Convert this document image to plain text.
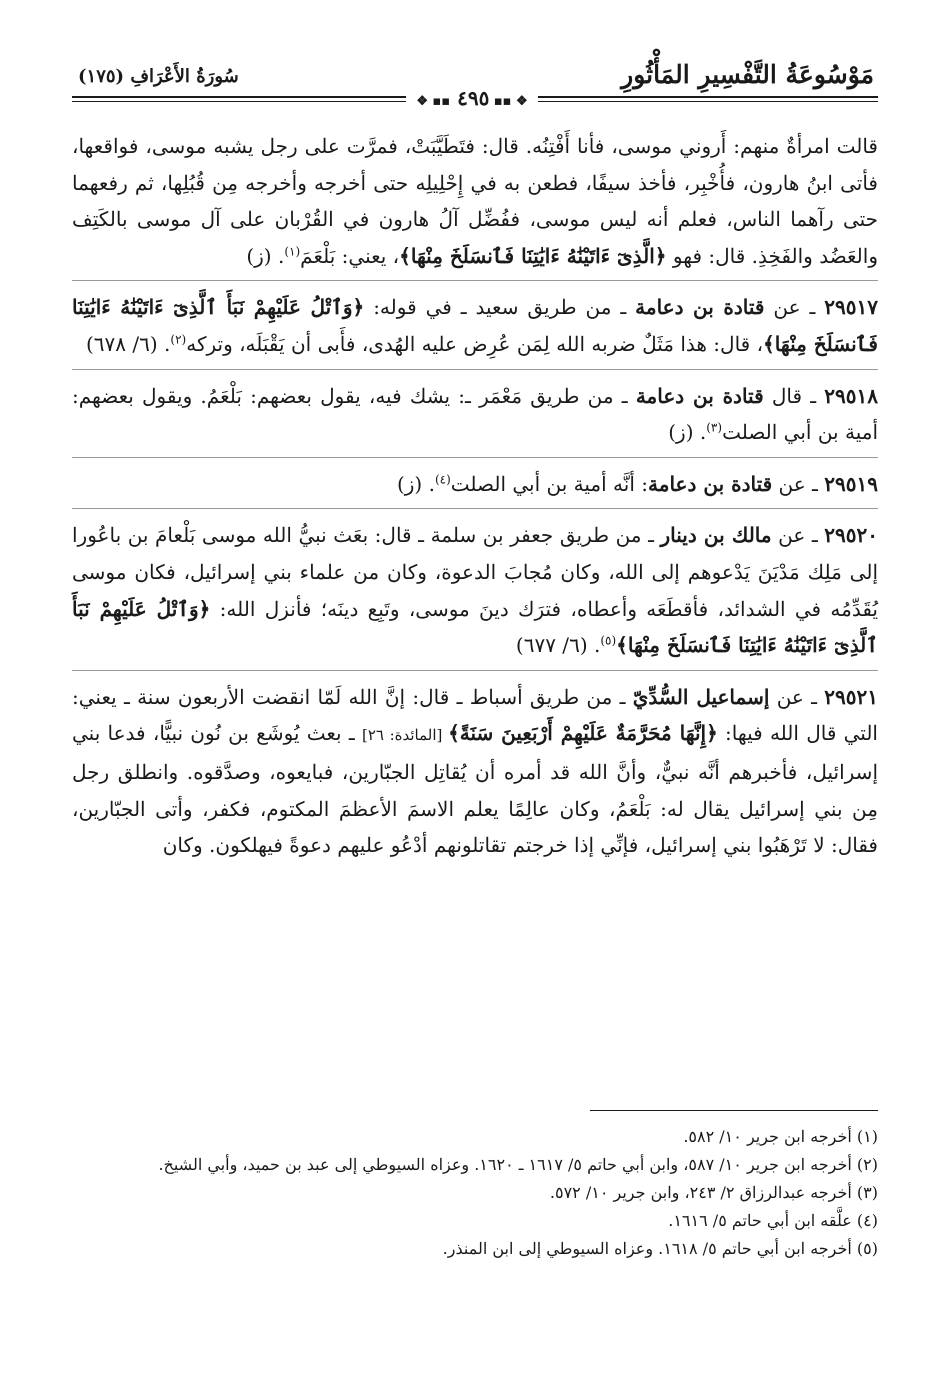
مَوْسُوعَةُ التَّفْسِيرِ المَأْثُورِ
سُورَةُ الأَعْرَافِ (١٧٥)
❖ ▪▪ ٤٩٥ ▪▪ ❖
قالت امرأةٌ منهم: أَروني موسى، فأنا أَفْتِنُه. قال: فتَطَيَّبَتْ، فمرَّت على رجل يشبه موسى، فواقعها، فأتى ابنُ هارون، فأُخْبِر، فأخذ سيفًا، فطعن به في إِحْلِيلِه حتى أخرجه وأخرجه مِن قُبُلِها، ثم رفعهما حتى رآهما الناس، فعلم أنه ليس موسى، ففُضِّل آلُ هارون في القُرْبان على آل موسى بالكَتِف والعَضُد والفَخِذِ. قال: فهو ﴿الَّذِىٓ ءَاتَيْنَٰهُ ءَايَٰتِنَا فَٱنسَلَخَ مِنْهَا﴾، يعني: بَلْعَمَ$^{(١)}$. (ز)
٢٩٥١٧ ـ عن قتادة بن دعامة ـ من طريق سعيد ـ في قوله: ﴿وَٱتْلُ عَلَيْهِمْ نَبَأَ ٱلَّذِىٓ ءَاتَيْنَٰهُ ءَايَٰتِنَا فَٱنسَلَخَ مِنْهَا﴾، قال: هذا مَثَلٌ ضربه الله لِمَن عُرِض عليه الهُدى، فأَبى أن يَقْبَلَه، وتركه$^{(٢)}$. (٦/ ٦٧٨)
٢٩٥١٨ ـ قال قتادة بن دعامة ـ من طريق مَعْمَر ـ: يشك فيه، يقول بعضهم: بَلْعَمُ. ويقول بعضهم: أمية بن أبي الصلت$^{(٣)}$. (ز)
٢٩٥١٩ ـ عن قتادة بن دعامة: أنَّه أمية بن أبي الصلت$^{(٤)}$. (ز)
٢٩٥٢٠ ـ عن مالك بن دينار ـ من طريق جعفر بن سلمة ـ قال: بعَث نبيُّ الله موسى بَلْعامَ بن باعُورا إلى مَلِك مَدْيَنَ يَدْعوهم إلى الله، وكان مُجابَ الدعوة، وكان من علماء بني إسرائيل، فكان موسى يُقَدِّمُه في الشدائد، فأقطَعَه وأعطاه، فترَك دينَ موسى، وتَبِع دينَه؛ فأنزل الله: ﴿وَٱتْلُ عَلَيْهِمْ نَبَأَ ٱلَّذِىٓ ءَاتَيْنَٰهُ ءَايَٰتِنَا فَٱنسَلَخَ مِنْهَا﴾$^{(٥)}$. (٦/ ٦٧٧)
٢٩٥٢١ ـ عن إسماعيل السُّدِّيّ ـ من طريق أسباط ـ قال: إنَّ الله لَمّا انقضت الأربعون سنة ـ يعني: التي قال الله فيها: ﴿إِنَّهَا مُحَرَّمَةٌ عَلَيْهِمْ أَرْبَعِينَ سَنَةً﴾ [المائدة: ٢٦] ـ بعث يُوشَع بن نُون نبيًّا، فدعا بني إسرائيل، فأخبرهم أنَّه نبيٌّ، وأنَّ الله قد أمره أن يُقاتِل الجبّارين، فبايعوه، وصدَّقوه. وانطلق رجل مِن بني إسرائيل يقال له: بَلْعَمُ، وكان عالِمًا يعلم الاسمَ الأعظمَ المكتوم، فكفر، وأتى الجبّارين، فقال: لا تَرْهَبُوا بني إسرائيل، فإنِّي إذا خرجتم تقاتلونهم أدْعُو عليهم دعوةً فيهلكون. وكان
(١) أخرجه ابن جرير ١٠/ ٥٨٢.
(٢) أخرجه ابن جرير ١٠/ ٥٨٧، وابن أبي حاتم ٥/ ١٦١٧ ـ ١٦٢٠. وعزاه السيوطي إلى عبد بن حميد، وأبي الشيخ.
(٣) أخرجه عبدالرزاق ٢/ ٢٤٣، وابن جرير ١٠/ ٥٧٢.
(٤) علَّقه ابن أبي حاتم ٥/ ١٦١٦.
(٥) أخرجه ابن أبي حاتم ٥/ ١٦١٨. وعزاه السيوطي إلى ابن المنذر.
